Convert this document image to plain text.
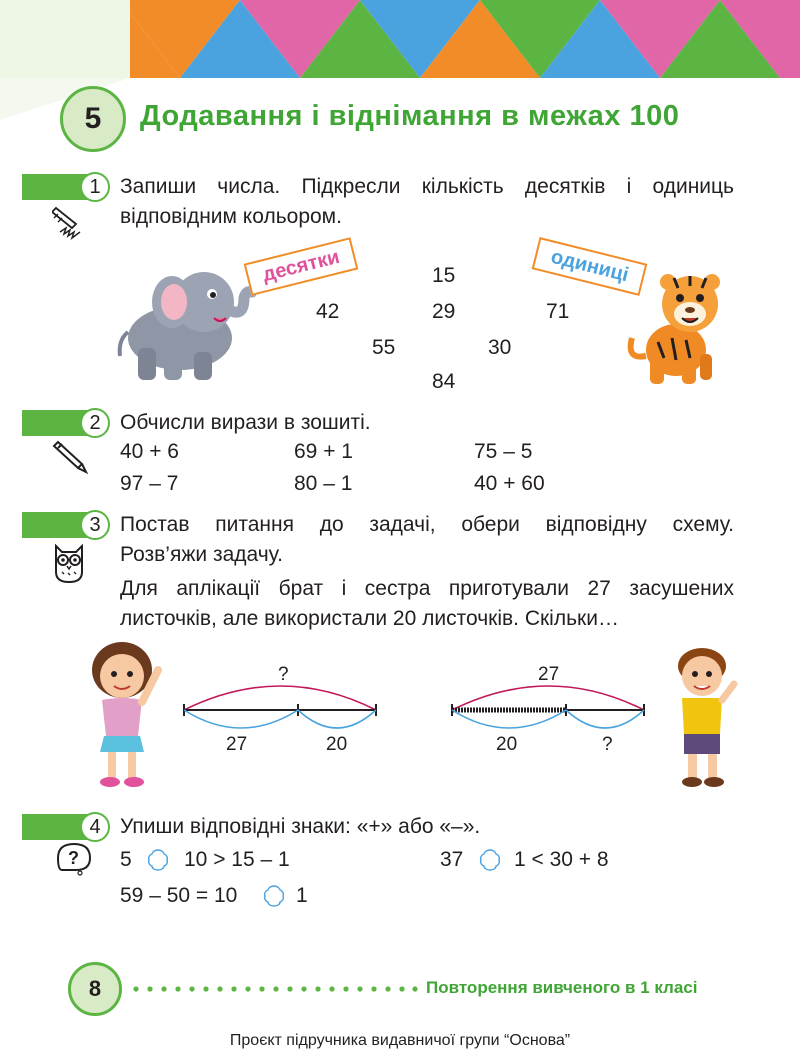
5 Додавання і віднімання в межах 100
1 Запиши числа. Підкресли кількість десятків і одиниць
відповідним кольором.
десятки	одиниці
15
42	29	71
55	30
84
2 Обчисли вирази в зошиті.
40 + 6	69 + 1	75 – 5
97 – 7	80 – 1	40 + 60
3 Постав питання до задачі, обери відповідну схему.
Розв’яжи задачу.
Для аплікації брат і сестра приготували 27 засушених
листочків, але використали 20 листочків. Скільки…
?
27	20
27
20	?
4 Упиши відповідні знаки: «+» або «–».
? 5 10 > 15 – 1	37 1 < 30 + 8
59 – 50 = 10	1
8	Повторення вивченого в 1 класі
Проєкт підручника видавничої групи “Основа”
